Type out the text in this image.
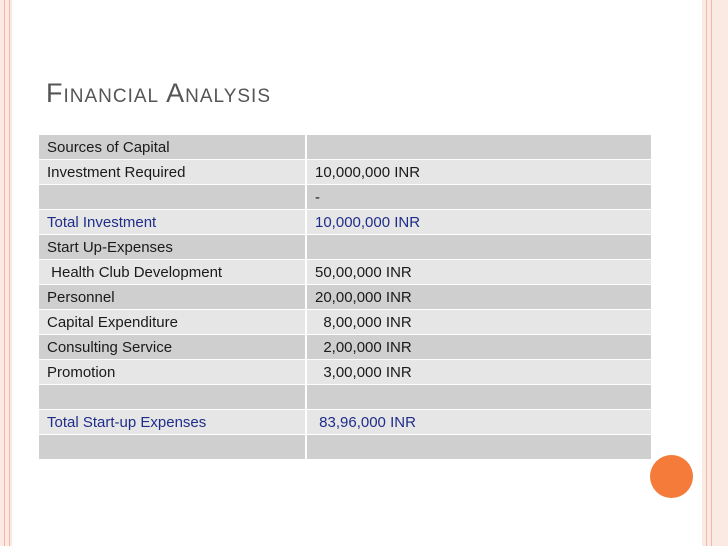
Financial Analysis
Sources of Capital	
Investment Required	10,000,000 INR
	-
Total Investment	10,000,000 INR
Start Up-Expenses	
Health Club Development	50,00,000 INR
Personnel	20,00,000 INR
Capital Expenditure	8,00,000 INR
Consulting Service	2,00,000 INR
Promotion	3,00,000 INR

Total Start-up Expenses	83,96,000 INR
